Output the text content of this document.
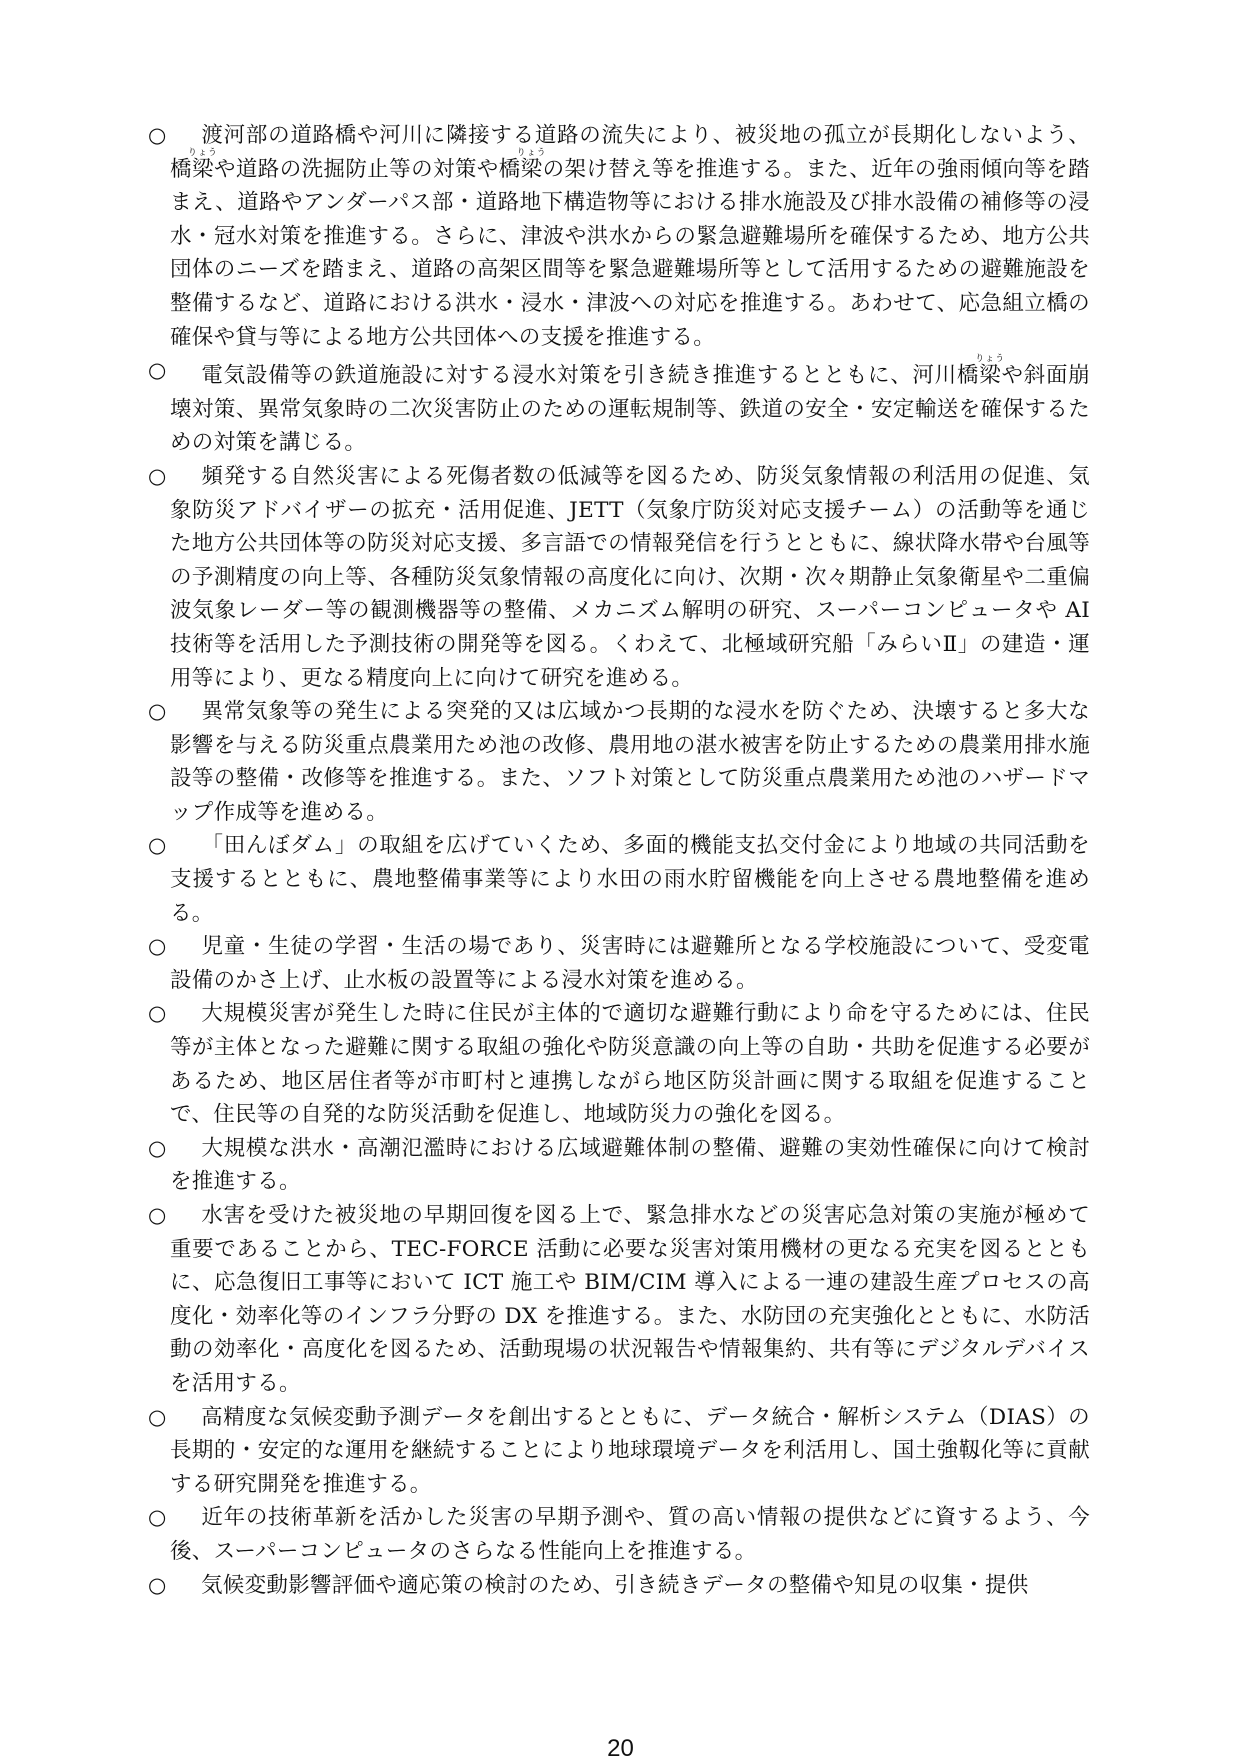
○ 渡河部の道路橋や河川に隣接する道路の流失により、被災地の孤立が長期化しないよう、橋梁りょうや道路の洗掘防止等の対策や橋梁りょうの架け替え等を推進する。また、近年の強雨傾向等を踏まえ、道路やアンダーパス部・道路地下構造物等における排水施設及び排水設備の補修等の浸水・冠水対策を推進する。さらに、津波や洪水からの緊急避難場所を確保するため、地方公共団体のニーズを踏まえ、道路の高架区間等を緊急避難場所等として活用するための避難施設を整備するなど、道路における洪水・浸水・津波への対応を推進する。あわせて、応急組立橋の確保や貸与等による地方公共団体への支援を推進する。
○ 電気設備等の鉄道施設に対する浸水対策を引き続き推進するとともに、河川橋梁りょうや斜面崩壊対策、異常気象時の二次災害防止のための運転規制等、鉄道の安全・安定輸送を確保するための対策を講じる。
○ 頻発する自然災害による死傷者数の低減等を図るため、防災気象情報の利活用の促進、気象防災アドバイザーの拡充・活用促進、JETT（気象庁防災対応支援チーム）の活動等を通じた地方公共団体等の防災対応支援、多言語での情報発信を行うとともに、線状降水帯や台風等の予測精度の向上等、各種防災気象情報の高度化に向け、次期・次々期静止気象衛星や二重偏波気象レーダー等の観測機器等の整備、メカニズム解明の研究、スーパーコンピュータや AI 技術等を活用した予測技術の開発等を図る。くわえて、北極域研究船「みらいⅡ」の建造・運用等により、更なる精度向上に向けて研究を進める。
○ 異常気象等の発生による突発的又は広域かつ長期的な浸水を防ぐため、決壊すると多大な影響を与える防災重点農業用ため池の改修、農用地の湛水被害を防止するための農業用排水施設等の整備・改修等を推進する。また、ソフト対策として防災重点農業用ため池のハザードマップ作成等を進める。
○ 「田んぼダム」の取組を広げていくため、多面的機能支払交付金により地域の共同活動を支援するとともに、農地整備事業等により水田の雨水貯留機能を向上させる農地整備を進める。
○ 児童・生徒の学習・生活の場であり、災害時には避難所となる学校施設について、受変電設備のかさ上げ、止水板の設置等による浸水対策を進める。
○ 大規模災害が発生した時に住民が主体的で適切な避難行動により命を守るためには、住民等が主体となった避難に関する取組の強化や防災意識の向上等の自助・共助を促進する必要があるため、地区居住者等が市町村と連携しながら地区防災計画に関する取組を促進することで、住民等の自発的な防災活動を促進し、地域防災力の強化を図る。
○ 大規模な洪水・高潮氾濫時における広域避難体制の整備、避難の実効性確保に向けて検討を推進する。
○ 水害を受けた被災地の早期回復を図る上で、緊急排水などの災害応急対策の実施が極めて重要であることから、TEC-FORCE 活動に必要な災害対策用機材の更なる充実を図るとともに、応急復旧工事等において ICT 施工や BIM/CIM 導入による一連の建設生産プロセスの高度化・効率化等のインフラ分野の DX を推進する。また、水防団の充実強化とともに、水防活動の効率化・高度化を図るため、活動現場の状況報告や情報集約、共有等にデジタルデバイスを活用する。
○ 高精度な気候変動予測データを創出するとともに、データ統合・解析システム（DIAS）の長期的・安定的な運用を継続することにより地球環境データを利活用し、国土強靱化等に貢献する研究開発を推進する。
○ 近年の技術革新を活かした災害の早期予測や、質の高い情報の提供などに資するよう、今後、スーパーコンピュータのさらなる性能向上を推進する。
○ 気候変動影響評価や適応策の検討のため、引き続きデータの整備や知見の収集・提供
20
